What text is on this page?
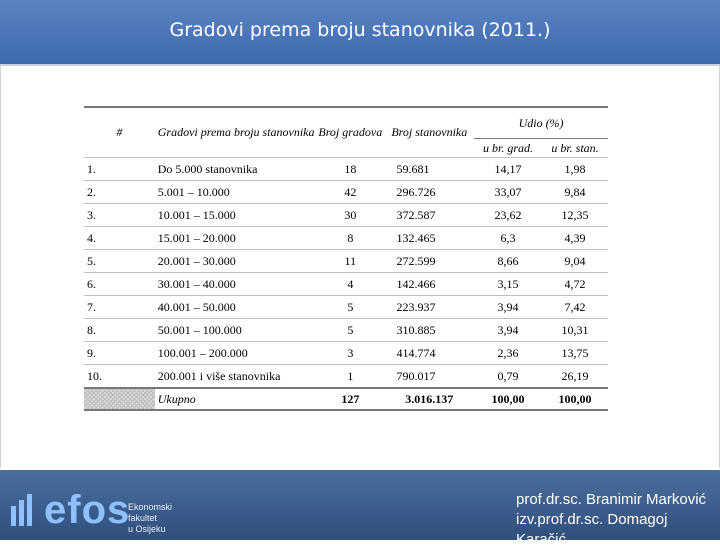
Gradovi prema broju stanovnika (2011.)
#	Gradovi prema broju stanovnika	Broj gradova	Broj stanovnika	Udio (%)	
				u br. grad.	u br. stan.
1.	Do 5.000 stanovnika	18	59.681	14,17	1,98
2.	5.001 – 10.000	42	296.726	33,07	9,84
3.	10.001 – 15.000	30	372.587	23,62	12,35
4.	15.001 – 20.000	8	132.465	6,3	4,39
5.	20.001 – 30.000	11	272.599	8,66	9,04
6.	30.001 – 40.000	4	142.466	3,15	4,72
7.	40.001 – 50.000	5	223.937	3,94	7,42
8.	50.001 – 100.000	5	310.885	3,94	10,31
9.	100.001 – 200.000	3	414.774	2,36	13,75
10.	200.001 i više stanovnika	1	790.017	0,79	26,19
	Ukupno	127	3.016.137	100,00	100,00
efos
Ekonomski fakultet
u Osijeku
prof.dr.sc. Branimir Marković
izv.prof.dr.sc. Domagoj Karačić
